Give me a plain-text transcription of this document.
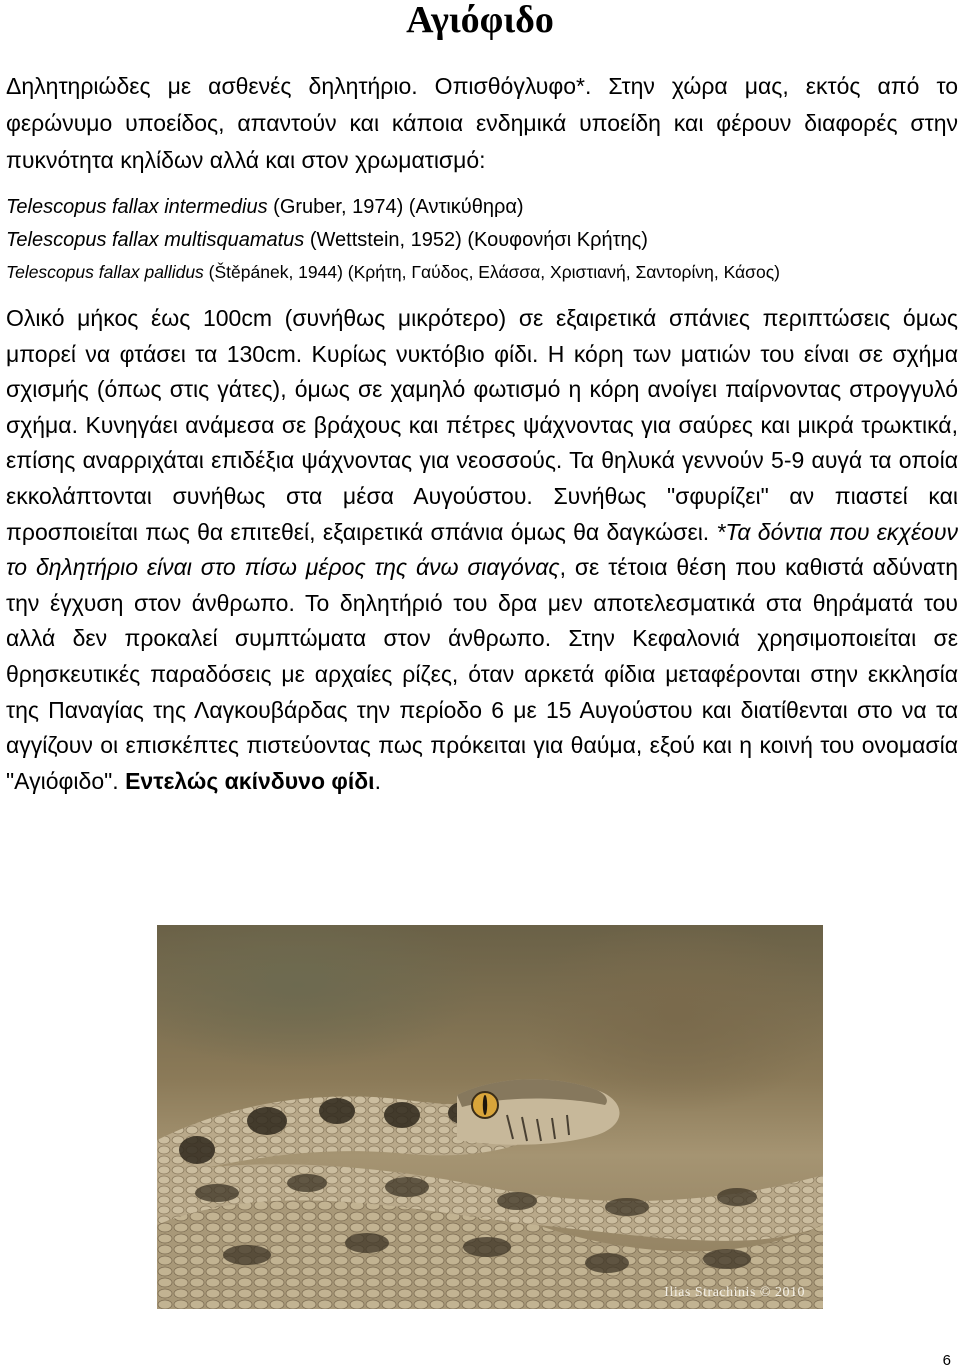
Αγιόφιδο

Δηλητηριώδες με ασθενές δηλητήριο. Οπισθόγλυφο*. Στην χώρα μας, εκτός από το φερώνυμο υποείδος, απαντούν και κάποια ενδημικά υποείδη και φέρουν διαφορές στην πυκνότητα κηλίδων αλλά και στον χρωματισμό:

Telescopus fallax intermedius (Gruber, 1974) (Αντικύθηρα)

Telescopus fallax multisquamatus (Wettstein, 1952) (Κουφονήσι Κρήτης)

Telescopus fallax pallidus (Štěpánek, 1944) (Κρήτη, Γαύδος, Ελάσσα, Χριστιανή, Σαντορίνη, Κάσος)

Ολικό μήκος έως 100cm (συνήθως μικρότερο) σε εξαιρετικά σπάνιες περιπτώσεις όμως μπορεί να φτάσει τα 130cm. Κυρίως νυκτόβιο φίδι. Η κόρη των ματιών του είναι σε σχήμα σχισμής (όπως στις γάτες), όμως σε χαμηλό φωτισμό η κόρη ανοίγει παίρνοντας στρογγυλό σχήμα. Κυνηγάει ανάμεσα σε βράχους και πέτρες ψάχνοντας για σαύρες και μικρά τρωκτικά, επίσης αναρριχάται επιδέξια ψάχνοντας για νεοσσούς. Τα θηλυκά γεννούν 5-9 αυγά τα οποία εκκολάπτονται συνήθως στα μέσα Αυγούστου. Συνήθως "σφυρίζει" αν πιαστεί και προσποιείται πως θα επιτεθεί, εξαιρετικά σπάνια όμως θα δαγκώσει. *Τα δόντια που εκχέουν το δηλητήριο είναι στο πίσω μέρος της άνω σιαγόνας, σε τέτοια θέση που καθιστά αδύνατη την έγχυση στον άνθρωπο. Το δηλητήριό του δρα μεν αποτελεσματικά στα θηράματά του αλλά δεν προκαλεί συμπτώματα στον άνθρωπο. Στην Κεφαλονιά χρησιμοποιείται σε θρησκευτικές παραδόσεις με αρχαίες ρίζες, όταν αρκετά φίδια μεταφέρονται στην εκκλησία της Παναγίας της Λαγκουβάρδας την περίοδο 6 με 15 Αυγούστου και διατίθενται στο να τα αγγίζουν οι επισκέπτες πιστεύοντας πως πρόκειται για θαύμα, εξού και η κοινή του ονομασία "Αγιόφιδο". Εντελώς ακίνδυνο φίδι.

Ilias Strachinis © 2010
6
